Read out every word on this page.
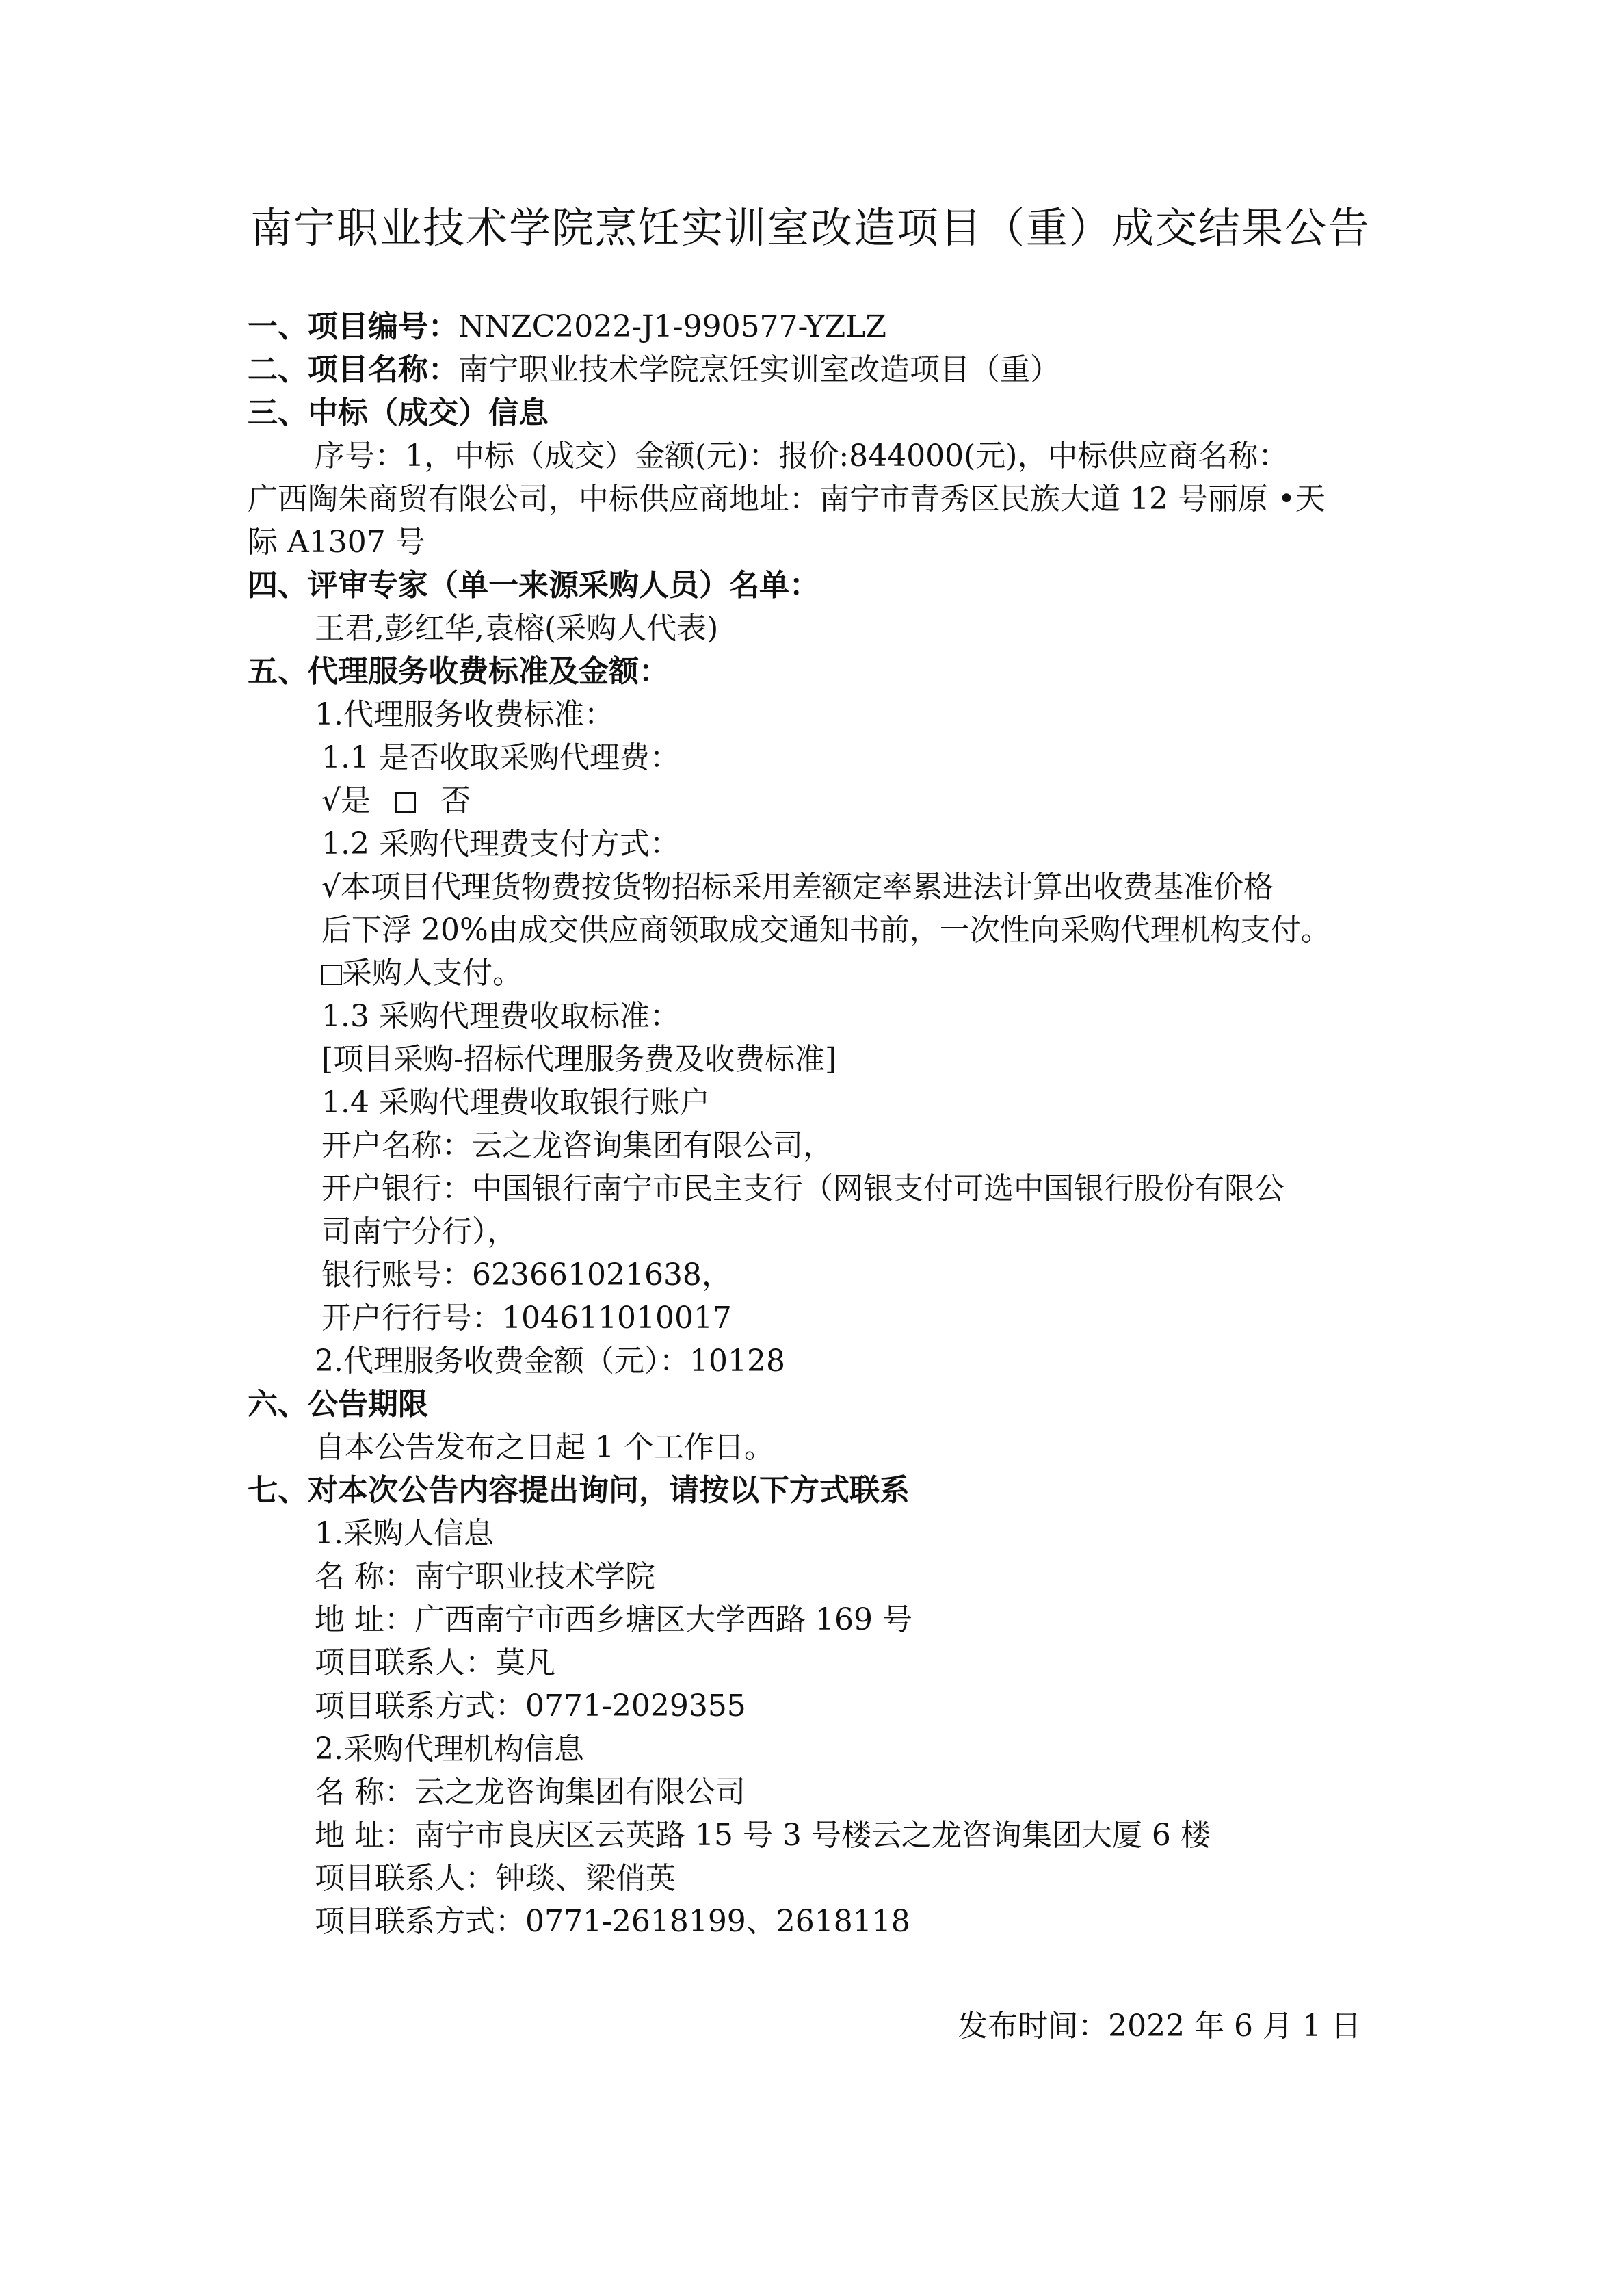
南宁职业技术学院烹饪实训室改造项目（重）成交结果公告
一、项目编号：NNZC2022-J1-990577-YZLZ
二、项目名称：南宁职业技术学院烹饪实训室改造项目（重）
三、中标（成交）信息
序号：1，中标（成交）金额(元)：报价:844000(元)，中标供应商名称：
广西陶朱商贸有限公司，中标供应商地址：南宁市青秀区民族大道 12 号丽原 •天
际 A1307 号
四、评审专家（单一来源采购人员）名单：
王君,彭红华,袁榕(采购人代表)
五、代理服务收费标准及金额：
1.代理服务收费标准：
1.1 是否收取采购代理费：
√是 否
1.2 采购代理费支付方式：
√本项目代理货物费按货物招标采用差额定率累进法计算出收费基准价格
后下浮 20%由成交供应商领取成交通知书前，一次性向采购代理机构支付。
采购人支付。
1.3 采购代理费收取标准：
[项目采购-招标代理服务费及收费标准]
1.4 采购代理费收取银行账户
开户名称：云之龙咨询集团有限公司，
开户银行：中国银行南宁市民主支行（网银支付可选中国银行股份有限公
司南宁分行），
银行账号：623661021638，
开户行行号：104611010017
2.代理服务收费金额（元）：10128
六、公告期限
自本公告发布之日起 1 个工作日。
七、对本次公告内容提出询问，请按以下方式联系
1.采购人信息
名 称：南宁职业技术学院
地 址：广西南宁市西乡塘区大学西路 169 号
项目联系人：莫凡
项目联系方式：0771-2029355
2.采购代理机构信息
名 称：云之龙咨询集团有限公司
地 址：南宁市良庆区云英路 15 号 3 号楼云之龙咨询集团大厦 6 楼
项目联系人：钟琰、梁俏英
项目联系方式：0771-2618199、2618118
发布时间：2022 年 6 月 1 日
